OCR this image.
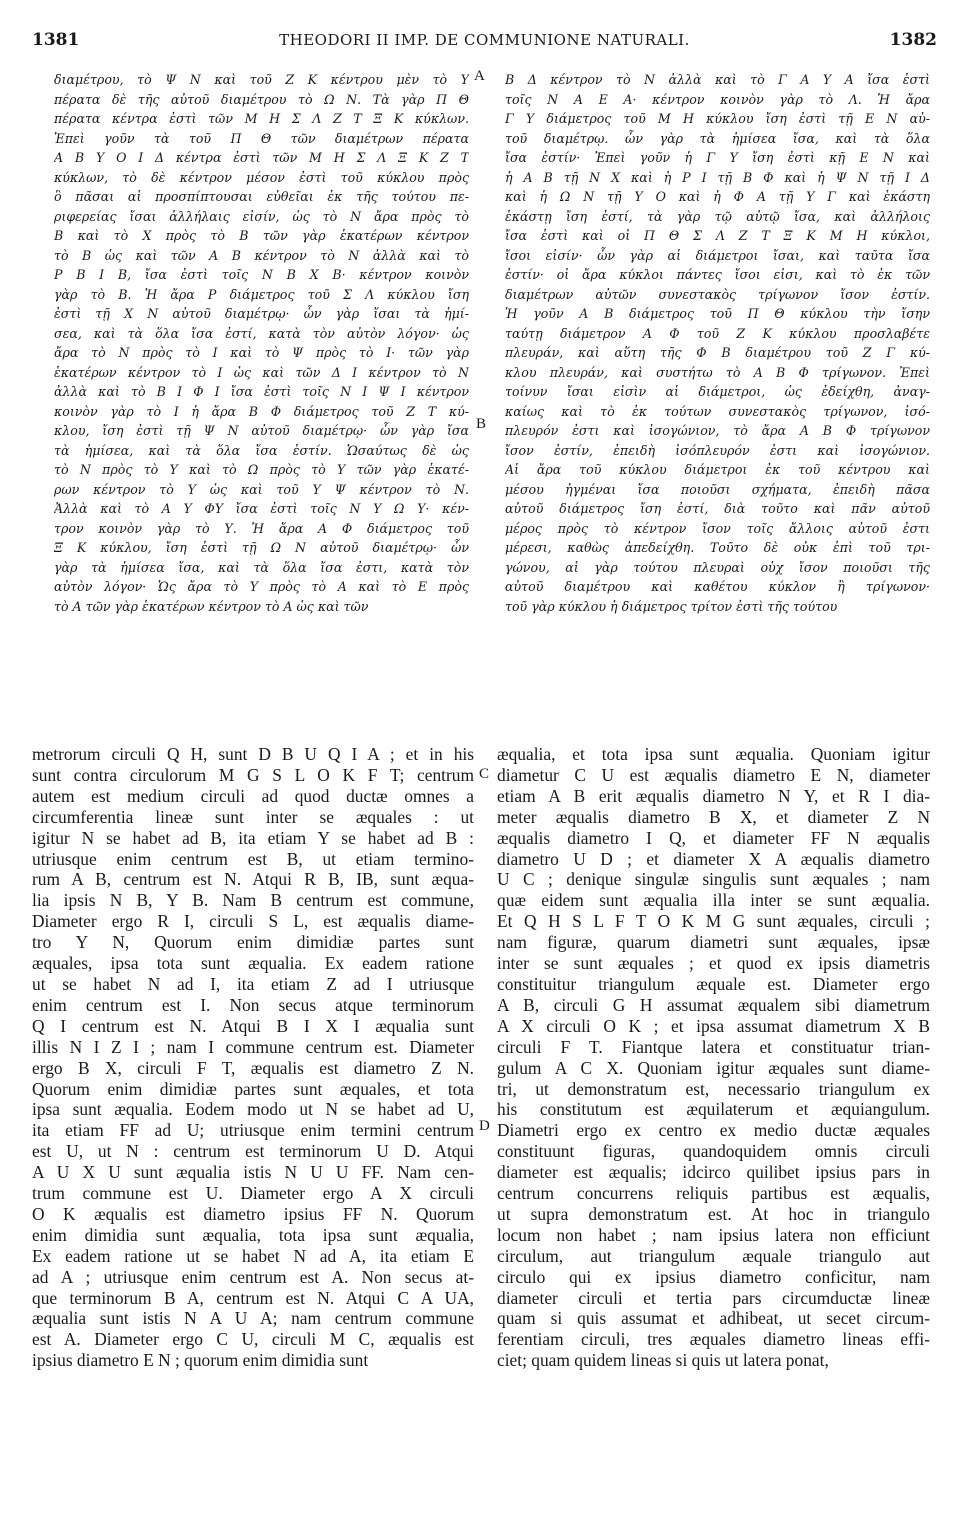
1381	THEODORI II IMP. DE COMMUNIONE NATURALI.	1382
διαμέτρου, τὸ Ψ Ν καὶ τοῦ Ζ Κ κέντρου μὲν τὸ Υ
πέρατα δὲ τῆς αὐτοῦ διαμέτρου τὸ Ω Ν. Τὰ γὰρ Π Θ
πέρατα κέντρα ἐστὶ τῶν Μ Η Σ Λ Ζ Τ Ξ Κ κύκλων.
Ἐπεὶ γοῦν τὰ τοῦ Π Θ τῶν διαμέτρων πέρατα
Α Β Υ Ο Ι Δ κέντρα ἐστὶ τῶν Μ Η Σ Λ Ξ Κ Ζ Τ
κύκλων, τὸ δὲ κέντρον μέσον ἐστὶ τοῦ κύκλου πρὸς
ὃ πᾶσαι αἱ προσπίπτουσαι εὐθεῖαι ἐκ τῆς τούτου πε-
ριφερείας ἴσαι ἀλλήλαις εἰσίν, ὡς τὸ Ν ἄρα πρὸς τὸ
Β καὶ τὸ Χ πρὸς τὸ Β τῶν γὰρ ἑκατέρων κέντρον
τὸ Β ὡς καὶ τῶν Α Β κέντρον τὸ Ν ἀλλὰ καὶ τὸ
Ρ Β Ι Β, ἴσα ἐστὶ τοῖς Ν Β Χ Β· κέντρον κοινὸν
γὰρ τὸ Β. Ἡ ἄρα Ρ διάμετρος τοῦ Σ Λ κύκλου ἴση
ἐστὶ τῇ Χ Ν αὐτοῦ διαμέτρῳ· ὧν γὰρ ἴσαι τὰ ἡμί-
σεα, καὶ τὰ ὅλα ἴσα ἐστί, κατὰ τὸν αὐτὸν λόγον· ὡς
ἄρα τὸ Ν πρὸς τὸ Ι καὶ τὸ Ψ πρὸς τὸ Ι· τῶν γὰρ
ἑκατέρων κέντρον τὸ Ι ὡς καὶ τῶν Δ Ι κέντρον τὸ Ν
ἀλλὰ καὶ τὸ Β Ι Φ Ι ἴσα ἐστὶ τοῖς Ν Ι Ψ Ι κέντρον
κοινὸν γὰρ τὸ Ι ἡ ἄρα Β Φ διάμετρος τοῦ Ζ Τ κύ-
κλου, ἴση ἐστὶ τῇ Ψ Ν αὐτοῦ διαμέτρῳ· ὧν γὰρ ἴσα
τὰ ἡμίσεα, καὶ τὰ ὅλα ἴσα ἐστίν. Ὡσαύτως δὲ ὡς
τὸ Ν πρὸς τὸ Υ καὶ τὸ Ω πρὸς τὸ Υ τῶν γὰρ ἑκατέ-
ρων κέντρον τὸ Υ ὡς καὶ τοῦ Υ Ψ κέντρον τὸ Ν.
Ἀλλὰ καὶ τὸ Α Υ ΦΥ ἴσα ἐστὶ τοῖς Ν Υ Ω Υ· κέν-
τρον κοινὸν γὰρ τὸ Υ. Ἡ ἄρα Α Φ διάμετρος τοῦ
Ξ Κ κύκλου, ἴση ἐστὶ τῇ Ω Ν αὐτοῦ διαμέτρῳ· ὧν
γὰρ τὰ ἡμίσεα ἴσα, καὶ τὰ ὅλα ἴσα ἐστι, κατὰ τὸν
αὐτὸν λόγον· Ὡς ἄρα τὸ Υ πρὸς τὸ Α καὶ τὸ Ε πρὸς
τὸ Α τῶν γὰρ ἑκατέρων κέντρον τὸ Α ὡς καὶ τῶν
Β Δ κέντρον τὸ Ν ἀλλὰ καὶ τὸ Γ Α Υ Α ἴσα ἐστὶ
τοῖς Ν Α Ε Α· κέντρον κοινὸν γὰρ τὸ Λ. Ἡ ἄρα
Γ Υ διάμετρος τοῦ Μ Η κύκλου ἴση ἐστὶ τῇ Ε Ν αὐ-
τοῦ διαμέτρῳ. ὧν γὰρ τὰ ἡμίσεα ἴσα, καὶ τὰ ὅλα
ἴσα ἐστίν· Ἐπεὶ γοῦν ἡ Γ Υ ἴση ἐστὶ κῇ Ε Ν καὶ
ἡ Α Β τῇ Ν Χ καὶ ἡ Ρ Ι τῇ Β Φ καὶ ἡ Ψ Ν τῇ Ι Δ
καὶ ἡ Ω Ν τῇ Υ Ο καὶ ἡ Φ Α τῇ Υ Γ καὶ ἑκάστη
ἑκάστῃ ἴση ἐστί, τὰ γὰρ τῷ αὐτῷ ἴσα, καὶ ἀλλήλοις
ἴσα ἐστὶ καὶ οἱ Π Θ Σ Λ Ζ Τ Ξ Κ Μ Η κύκλοι,
ἴσοι εἰσίν· ὧν γὰρ αἱ διάμετροι ἴσαι, καὶ ταῦτα ἴσα
ἐστίν· οἱ ἄρα κύκλοι πάντες ἴσοι εἰσι, καὶ τὸ ἐκ τῶν
διαμέτρων αὐτῶν συνεστακὸς τρίγωνον ἴσον ἐστίν.
Ἡ γοῦν Α Β διάμετρος τοῦ Π Θ κύκλου τὴν ἴσην
ταύτῃ διάμετρον Α Φ τοῦ Ζ Κ κύκλου προσλαβέτε
πλευράν, καὶ αὕτη τῆς Φ Β διαμέτρου τοῦ Ζ Γ κύ-
κλου πλευράν, καὶ συστήτω τὸ Α Β Φ τρίγωνον. Ἐπεὶ
τοίνυν ἴσαι εἰσὶν αἱ διάμετροι, ὡς ἐδείχθη, ἀναγ-
καίως καὶ τὸ ἐκ τούτων συνεστακὸς τρίγωνον, ἰσό-
πλευρόν ἐστι καὶ ἰσογώνιον, τὸ ἄρα Α Β Φ τρίγωνον
ἴσον ἐστίν, ἐπειδὴ ἰσόπλευρόν ἐστι καὶ ἰσογώνιον.
Αἱ ἄρα τοῦ κύκλου διάμετροι ἐκ τοῦ κέντρου καὶ
μέσου ἠγμέναι ἴσα ποιοῦσι σχήματα, ἐπειδὴ πᾶσα
αὐτοῦ διάμετρος ἴση ἐστί, διὰ τοῦτο καὶ πᾶν αὐτοῦ
μέρος πρὸς τὸ κέντρον ἴσον τοῖς ἄλλοις αὐτοῦ ἐστι
μέρεσι, καθὼς ἀπεδείχθη. Τοῦτο δὲ οὐκ ἐπὶ τοῦ τρι-
γώνου, αἱ γὰρ τούτου πλευραὶ οὐχ ἴσον ποιοῦσι τῆς
αὐτοῦ διαμέτρου καὶ καθέτου κύκλον ἢ τρίγωνον·
τοῦ γὰρ κύκλου ἡ διάμετρος τρίτον ἐστὶ τῆς τούτου
metrorum circuli Q H, sunt D B U Q I A ; et in his
sunt contra circulorum M G S L O K F T; centrum
autem est medium circuli ad quod ductæ omnes a
circumferentia lineæ sunt inter se æquales : ut
igitur N se habet ad B, ita etiam Y se habet ad B :
utriusque enim centrum est B, ut etiam termino-
rum A B, centrum est N. Atqui R B, IB, sunt æqua-
lia ipsis N B, Y B. Nam B centrum est commune,
Diameter ergo R I, circuli S L, est æqualis diame-
tro Y N, Quorum enim dimidiæ partes sunt
æquales, ipsa tota sunt æqualia. Ex eadem ratione
ut se habet N ad I, ita etiam Z ad I utriusque
enim centrum est I. Non secus atque terminorum
Q I centrum est N. Atqui B I X I æqualia sunt
illis N I Z I ; nam I commune centrum est. Diameter
ergo B X, circuli F T, æqualis est diametro Z N.
Quorum enim dimidiæ partes sunt æquales, et tota
ipsa sunt æqualia. Eodem modo ut N se habet ad U,
ita etiam FF ad U; utriusque enim termini centrum
est U, ut N : centrum est terminorum U D. Atqui
A U X U sunt æqualia istis N U U FF. Nam cen-
trum commune est U. Diameter ergo A X circuli
O K æqualis est diametro ipsius FF N. Quorum
enim dimidia sunt æqualia, tota ipsa sunt æqualia,
Ex eadem ratione ut se habet N ad A, ita etiam E
ad A ; utriusque enim centrum est A. Non secus at-
que terminorum B A, centrum est N. Atqui C A UA,
æqualia sunt istis N A U A; nam centrum commune
est A. Diameter ergo C U, circuli M C, æqualis est
ipsius diametro E N ; quorum enim dimidia sunt
æqualia, et tota ipsa sunt æqualia. Quoniam igitur
diametur C U est æqualis diametro E N, diameter
etiam A B erit æqualis diametro N Y, et R I dia-
meter æqualis diametro B X, et diameter Z N
æqualis diametro I Q, et diameter FF N æqualis
diametro U D ; et diameter X A æqualis diametro
U C ; denique singulæ singulis sunt æquales ; nam
quæ eidem sunt æqualia illa inter se sunt æqualia.
Et Q H S L F T O K M G sunt æquales, circuli ;
nam figuræ, quarum diametri sunt æquales, ipsæ
inter se sunt æquales ; et quod ex ipsis diametris
constituitur triangulum æquale est. Diameter ergo
A B, circuli G H assumat æqualem sibi diametrum
A X circuli O K ; et ipsa assumat diametrum X B
circuli F T. Fiantque latera et constituatur trian-
gulum A C X. Quoniam igitur æquales sunt diame-
tri, ut demonstratum est, necessario triangulum ex
his constitutum est æquilaterum et æquiangulum.
Diametri ergo ex centro ex medio ductæ æquales
constituunt figuras, quandoquidem omnis circuli
diameter est æqualis; idcirco quilibet ipsius pars in
centrum concurrens reliquis partibus est æqualis,
ut supra demonstratum est. At hoc in triangulo
locum non habet ; nam ipsius latera non efficiunt
circulum, aut triangulum æquale triangulo aut
circulo qui ex ipsius diametro conficitur, nam
diameter circuli et tertia pars circumductæ lineæ
quam si quis assumat et adhibeat, ut secet circum-
ferentiam circuli, tres æquales diametro lineas effi-
ciet; quam quidem lineas si quis ut latera ponat,
A
B
C
D
